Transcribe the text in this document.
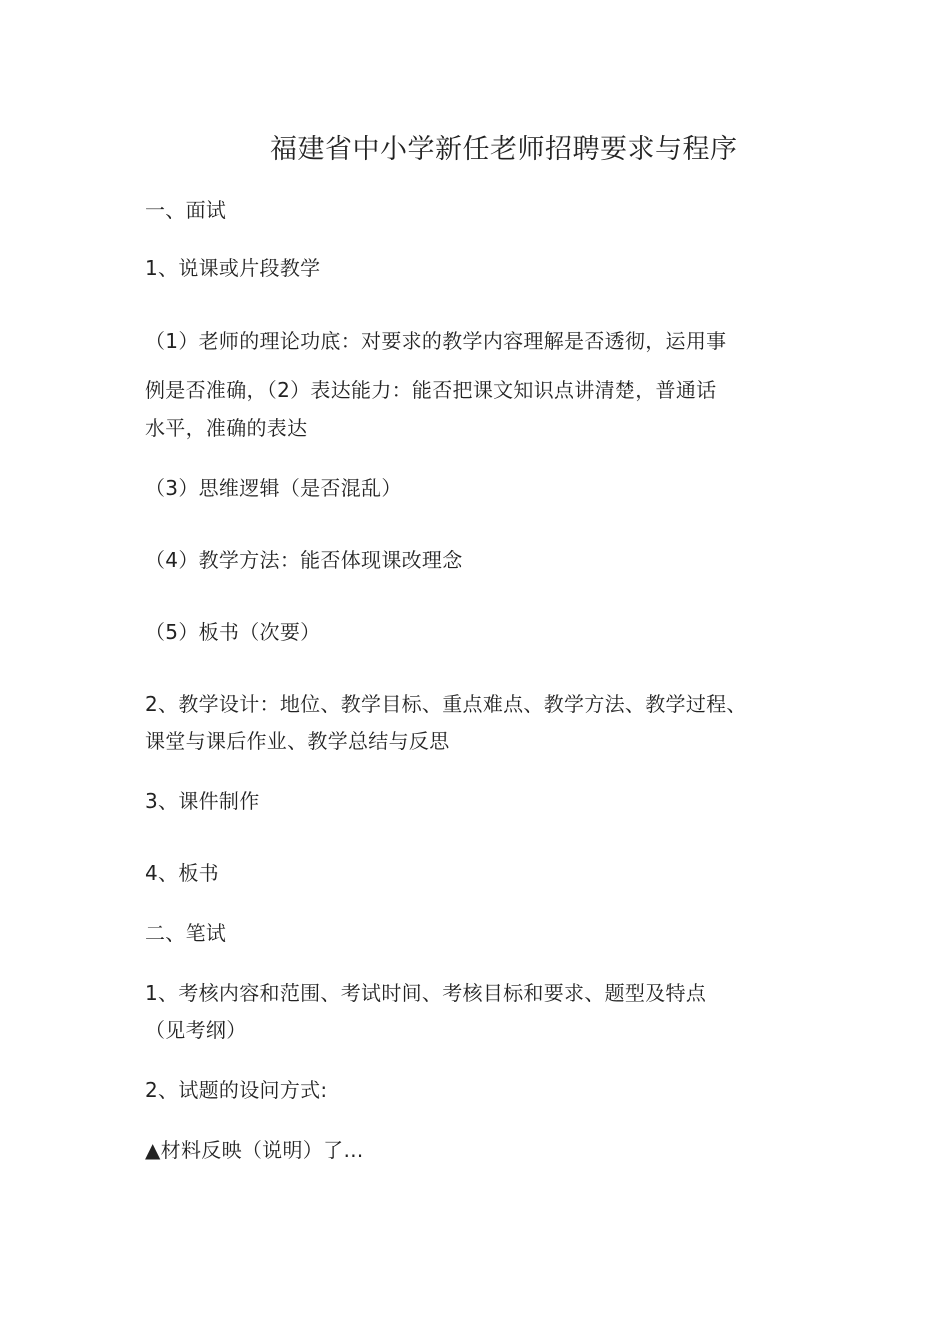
福建省中小学新任老师招聘要求与程序
一、面试
1、说课或片段教学
（1）老师的理论功底：对要求的教学内容理解是否透彻，运用事
例是否准确，（2）表达能力：能否把课文知识点讲清楚，普通话
水平，准确的表达
（3）思维逻辑（是否混乱）
（4）教学方法：能否体现课改理念
（5）板书（次要）
2、教学设计：地位、教学目标、重点难点、教学方法、教学过程、
课堂与课后作业、教学总结与反思
3、课件制作
4、板书
二、笔试
1、考核内容和范围、考试时间、考核目标和要求、题型及特点
（见考纲）
2、试题的设问方式:
▲材料反映（说明）了…
